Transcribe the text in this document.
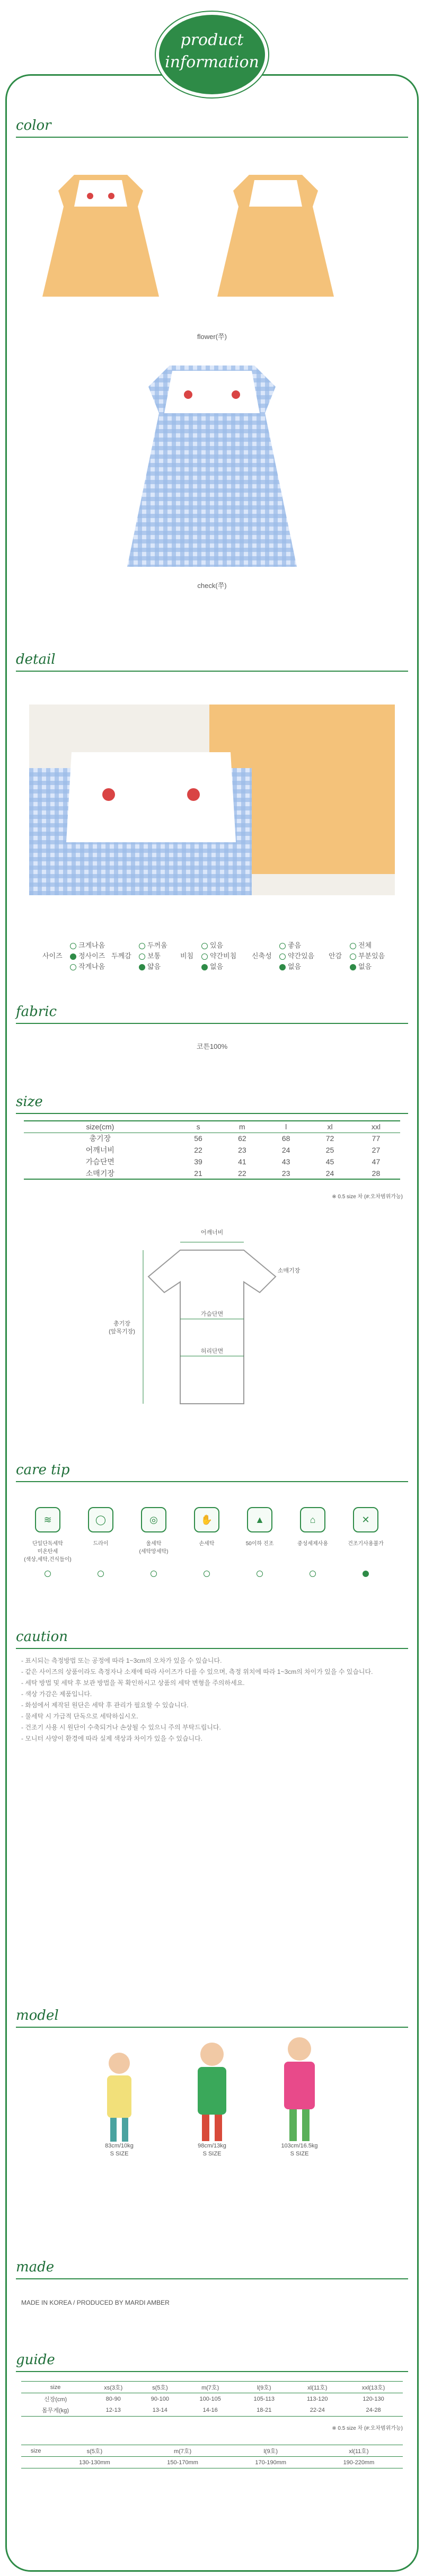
product
information
color
flower(쭈)
check(쭈)
detail
크게나옴
사이즈 정사이즈
작게나옴
두꺼움
두께감 보통
얇음
있음
비침 약간비침
없음
좋음
신축성 약간있음
없음
전체
안감 부분있음
없음
fabric
코튼100%
size
size(cm)	s	m	l	xl	xxl
총기장	56	62	68	72	77
어깨너비	22	23	24	25	27
가슴단면	39	41	43	45	47
소매기장	21	22	23	24	28
※ 0.5 size 차 (#:오차범위가능)
어깨너비
소매기장
가슴단면
허리단면
총기장
(앞목기장)
care tip
≋	◯	◎	✋	▲	⌂	✕
단일단독세탁
미온탄세
(색상,세탁,건식들이)
드라이	울세탁
(세탁망세탁)
손세탁	50이하 진조	중성세제사용	건조기사용불가
caution
- 표시되는 측정방법 또는 공정에 따라 1~3cm의 오차가 있을 수 있습니다.
- 같은 사이즈의 상품이라도 측정자나 소재에 따라 사이즈가 다를 수 있으며, 측정 위치에 따라 1~3cm의 차이가 있을 수 있습니다.
- 세탁 방법 및 세탁 후 보관 방법을 꼭 확인하시고 상품의 세탁 변형을 주의하세요.
- 색상 가감은 제품입니다.
- 화섬에서 제작된 원단은 세탁 후 관리가 필요할 수 있습니다.
- 물세탁 시 가급적 단독으로 세탁하십시오.
- 건조기 사용 시 원단이 수축되거나 손상될 수 있으니 주의 부탁드립니다.
- 모니터 사양이 환경에 따라 실제 색상과 차이가 있을 수 있습니다.
model
83cm/10kg
S SIZE
98cm/13kg
S SIZE
103cm/16.5kg
S SIZE
made
MADE IN KOREA / PRODUCED BY MARDI AMBER
guide
size	xs(3호)	s(5호)	m(7호)	l(9호)	xl(11호)	xxl(13호)
신장(cm)	80-90	90-100	100-105	105-113	113-120	120-130
몸무게(kg)	12-13	13-14	14-16	18-21	22-24	24-28
※ 0.5 size 차 (#:오차범위가능)
size	s(5호)	m(7호)	l(9호)	xl(11호)
	130-130mm	150-170mm	170-190mm	190-220mm
